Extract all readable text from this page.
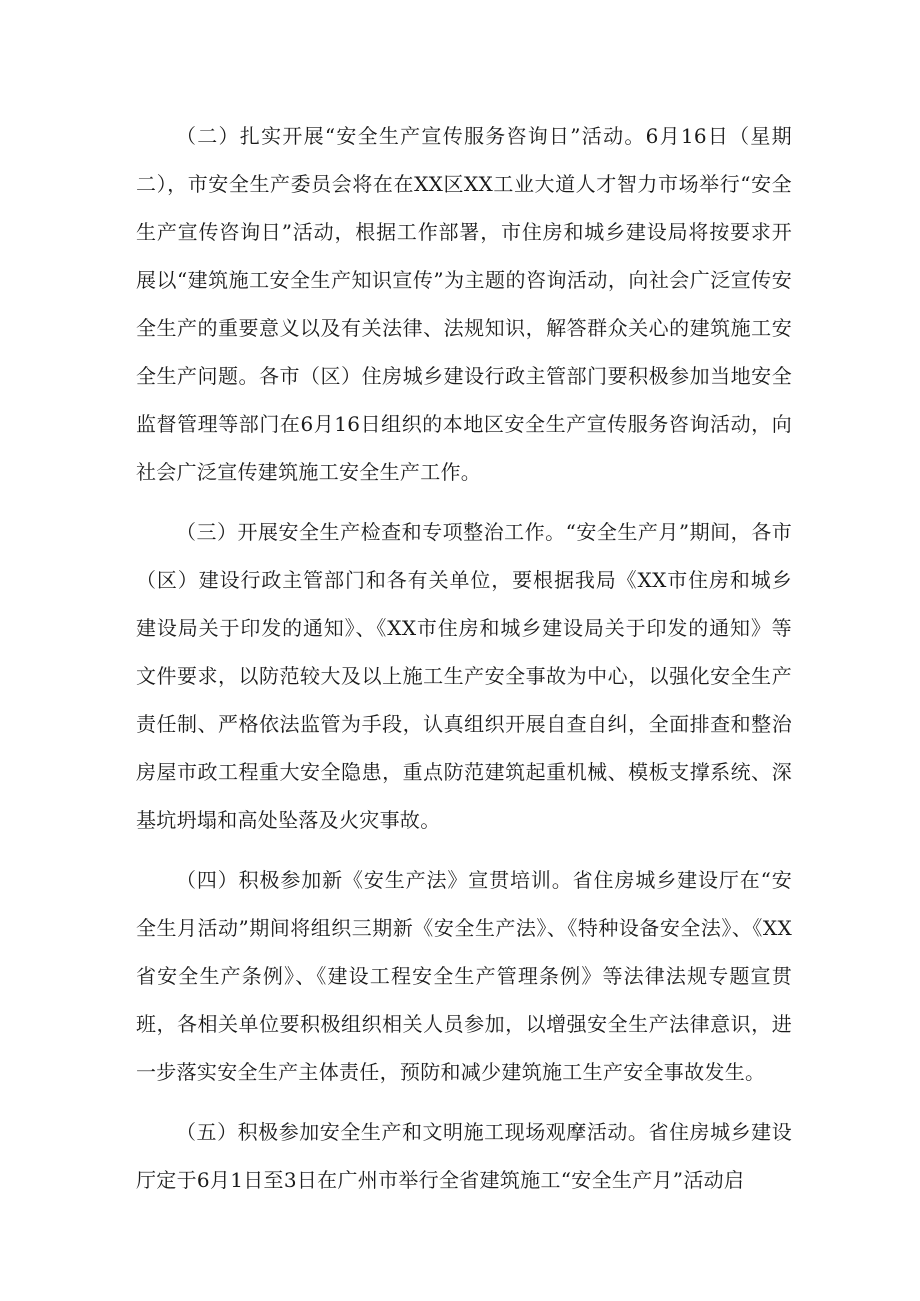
（二）扎实开展“安全生产宣传服务咨询日”活动。6月16日（星期二），市安全生产委员会将在在XX区XX工业大道人才智力市场举行“安全生产宣传咨询日”活动，根据工作部署，市住房和城乡建设局将按要求开展以“建筑施工安全生产知识宣传”为主题的咨询活动，向社会广泛宣传安全生产的重要意义以及有关法律、法规知识，解答群众关心的建筑施工安全生产问题。各市（区）住房城乡建设行政主管部门要积极参加当地安全监督管理等部门在6月16日组织的本地区安全生产宣传服务咨询活动，向社会广泛宣传建筑施工安全生产工作。

（三）开展安全生产检查和专项整治工作。“安全生产月”期间，各市（区）建设行政主管部门和各有关单位，要根据我局《XX市住房和城乡建设局关于印发的通知》、《XX市住房和城乡建设局关于印发的通知》等文件要求，以防范较大及以上施工生产安全事故为中心，以强化安全生产责任制、严格依法监管为手段，认真组织开展自查自纠，全面排查和整治房屋市政工程重大安全隐患，重点防范建筑起重机械、模板支撑系统、深基坑坍塌和高处坠落及火灾事故。

（四）积极参加新《安生产法》宣贯培训。省住房城乡建设厅在“安全生月活动”期间将组织三期新《安全生产法》、《特种设备安全法》、《XX省安全生产条例》、《建设工程安全生产管理条例》等法律法规专题宣贯班，各相关单位要积极组织相关人员参加，以增强安全生产法律意识，进一步落实安全生产主体责任，预防和减少建筑施工生产安全事故发生。

（五）积极参加安全生产和文明施工现场观摩活动。省住房城乡建设厅定于6月1日至3日在广州市举行全省建筑施工“安全生产月”活动启
